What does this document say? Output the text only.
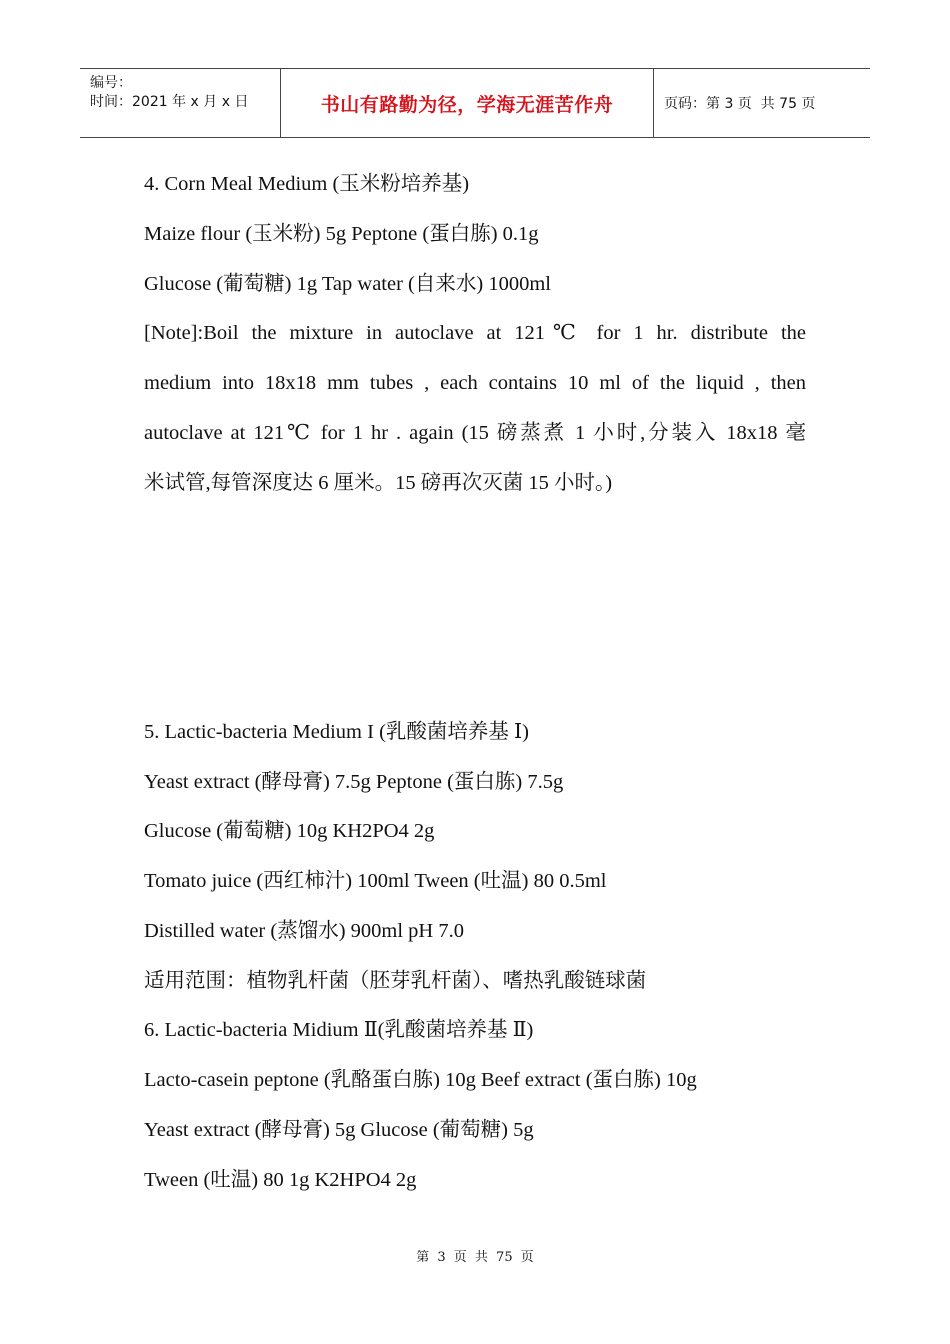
编号：
时间：2021 年 x 月 x 日	书山有路勤为径，学海无涯苦作舟	页码：第 3 页  共 75 页
4. Corn Meal Medium (玉米粉培养基)
Maize flour (玉米粉) 5g Peptone (蛋白胨) 0.1g
Glucose (葡萄糖) 1g Tap water (自来水) 1000ml
[Note]:Boil the mixture in autoclave at 121℃ for 1 hr. distribute the
medium into 18x18 mm tubes , each contains 10 ml of the liquid , then
autoclave at 121℃ for 1 hr . again (15 磅蒸煮 1 小时,分装入 18x18 毫
米试管,每管深度达 6 厘米。15 磅再次灭菌 15 小时。)
5. Lactic-bacteria Medium I (乳酸菌培养基 Ⅰ)
Yeast extract (酵母膏) 7.5g Peptone (蛋白胨) 7.5g
Glucose (葡萄糖) 10g KH2PO4 2g
Tomato juice (西红柿汁) 100ml Tween (吐温) 80 0.5ml
Distilled water (蒸馏水) 900ml pH 7.0
适用范围：植物乳杆菌（胚芽乳杆菌）、嗜热乳酸链球菌
6. Lactic-bacteria Midium Ⅱ(乳酸菌培养基 Ⅱ)
Lacto-casein peptone (乳酪蛋白胨) 10g Beef extract (蛋白胨) 10g
Yeast extract (酵母膏) 5g Glucose (葡萄糖) 5g
Tween (吐温) 80 1g K2HPO4 2g
第 3 页 共 75 页
